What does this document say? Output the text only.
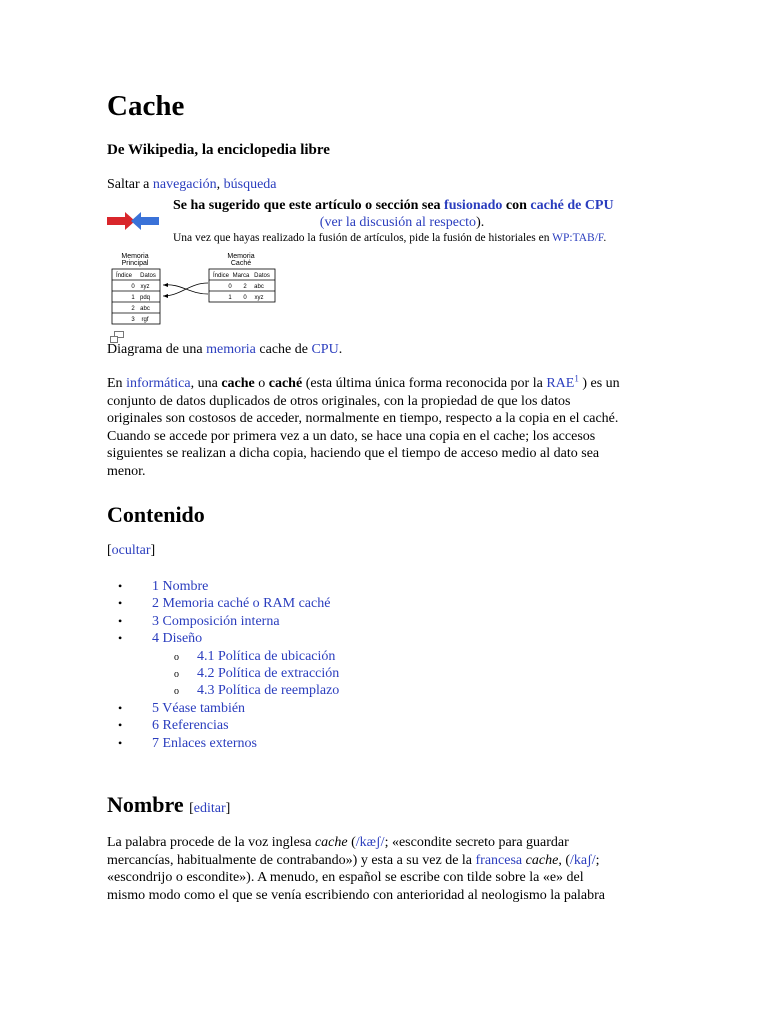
Cache
De Wikipedia, la enciclopedia libre
Saltar a navegación, búsqueda
Se ha sugerido que este artículo o sección sea fusionado con caché de CPU
(ver la discusión al respecto).
Una vez que hayas realizado la fusión de artículos, pide la fusión de historiales en WP:TAB/F.
Memoria
Principal
Memoria
Caché
Índice Datos
0 xyz
1 pdq
2 abc
3 rgf
Índice Marca Datos
0 2 abc
1 0 xyz
Diagrama de una memoria cache de CPU.
En informática, una cache o caché (esta última única forma reconocida por la RAE$^1$ ) es un
conjunto de datos duplicados de otros originales, con la propiedad de que los datos
originales son costosos de acceder, normalmente en tiempo, respecto a la copia en el caché.
Cuando se accede por primera vez a un dato, se hace una copia en el cache; los accesos
siguientes se realizan a dicha copia, haciendo que el tiempo de acceso medio al dato sea
menor.
Contenido
[ocultar]
• 1 Nombre
• 2 Memoria caché o RAM caché
• 3 Composición interna
• 4 Diseño
o 4.1 Política de ubicación
o 4.2 Política de extracción
o 4.3 Política de reemplazo
• 5 Véase también
• 6 Referencias
• 7 Enlaces externos
Nombre [editar]
La palabra procede de la voz inglesa cache (/kæʃ/; «escondite secreto para guardar
mercancías, habitualmente de contrabando») y esta a su vez de la francesa cache, (/kaʃ/;
«escondrijo o escondite»). A menudo, en español se escribe con tilde sobre la «e» del
mismo modo como el que se venía escribiendo con anterioridad al neologismo la palabra
